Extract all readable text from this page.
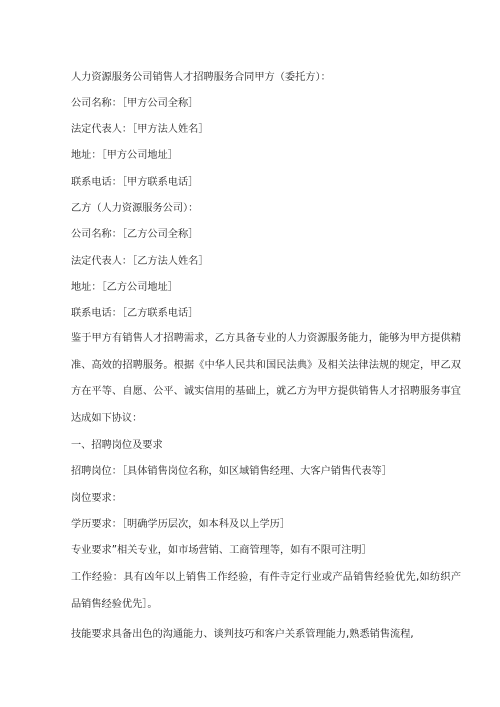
人力资源服务公司销售人才招聘服务合同甲方（委托方）：
公司名称：［甲方公司全称］
法定代表人：［甲方法人姓名］
地址：［甲方公司地址］
联系电话：［甲方联系电话］
乙方（人力资源服务公司）：
公司名称：［乙方公司全称］
法定代表人：［乙方法人姓名］
地址：［乙方公司地址］
联系电话：［乙方联系电话］
鉴于甲方有销售人才招聘需求，乙方具备专业的人力资源服务能力，能够为甲方提供精准、高效的招聘服务。根据《中华人民共和国民法典》及相关法律法规的规定，甲乙双方在平等、自愿、公平、诚实信用的基础上，就乙方为甲方提供销售人才招聘服务事宜达成如下协议：
一、招聘岗位及要求
招聘岗位：［具体销售岗位名称，如区域销售经理、大客户销售代表等］
岗位要求：
学历要求：［明确学历层次，如本科及以上学历］
专业要求”相关专业，如市场营销、工商管理等，如有不限可注明］
工作经验：具有凶年以上销售工作经验，有件寺定行业或产品销售经验优先,如纺织产品销售经验优先］。
技能要求具备出色的沟通能力、谈判技巧和客户关系管理能力,熟悉销售流程,
